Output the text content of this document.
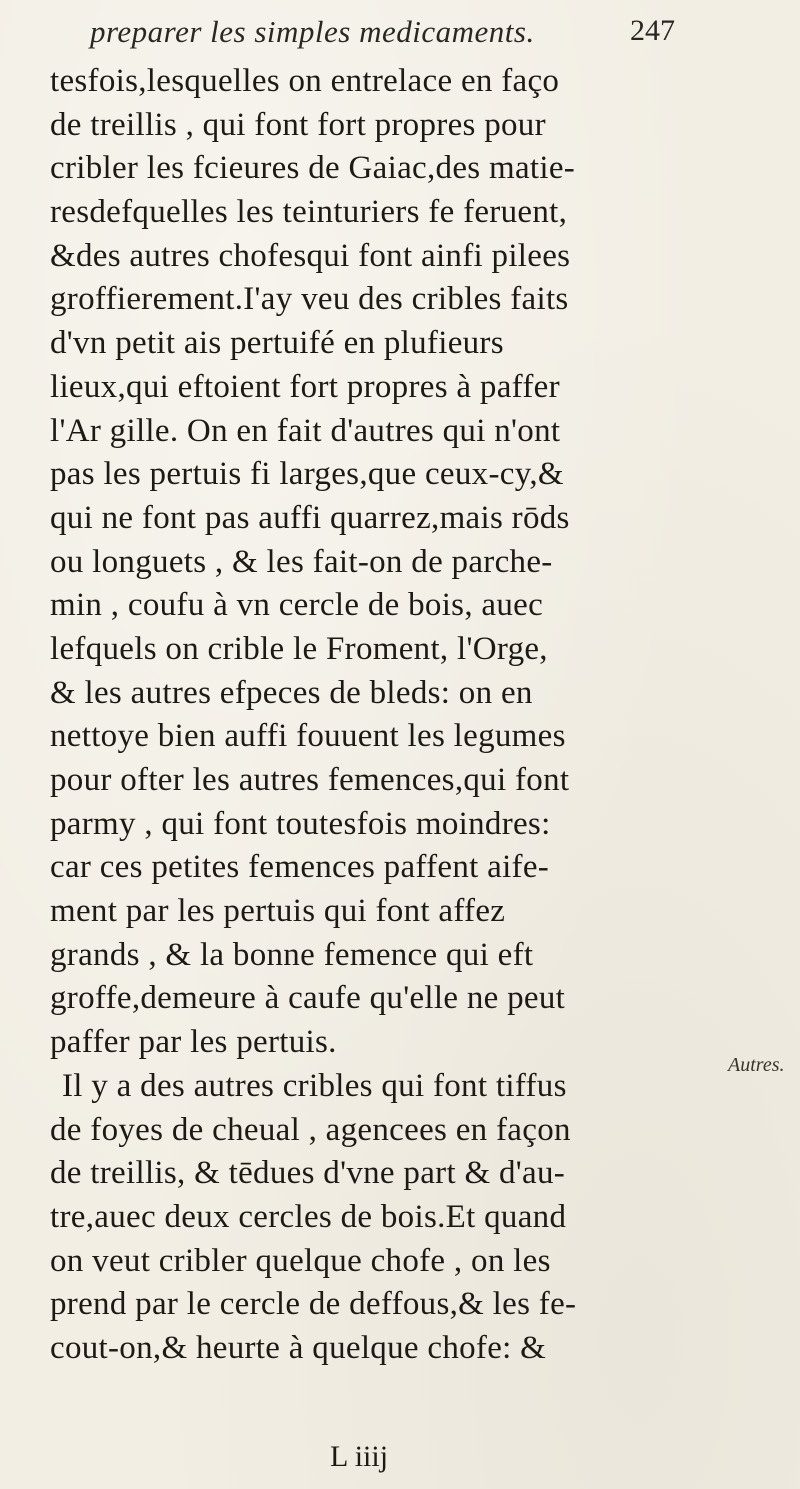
preparer les simples medicaments.	247
tesfois,lesquelles on entrelace en faço
de treillis , qui font fort propres pour
cribler les fcieures de Gaiac,des matie-
resdefquelles les teinturiers fe feruent,
&des autres chofesqui font ainfi pilees
groffierement.I'ay veu des cribles faits
d'vn petit ais pertuifé en plufieurs
lieux,qui eftoient fort propres à paffer
l'Ar gille. On en fait d'autres qui n'ont
pas les pertuis fi larges,que ceux-cy,&
qui ne font pas auffi quarrez,mais rōds
ou longuets , & les fait-on de parche-
min , coufu à vn cercle de bois, auec
lefquels on crible le Froment, l'Orge,
& les autres efpeces de bleds: on en
nettoye bien auffi fouuent les legumes
pour ofter les autres femences,qui font
parmy , qui font toutesfois moindres:
car ces petites femences paffent aife-
ment par les pertuis qui font affez
grands , & la bonne femence qui eft
groffe,demeure à caufe qu'elle ne peut
paffer par les pertuis.
Il y a des autres cribles qui font tiffus
de foyes de cheual , agencees en façon
de treillis, & tēdues d'vne part & d'au-
tre,auec deux cercles de bois.Et quand
on veut cribler quelque chofe , on les
prend par le cercle de deffous,& les fe-
cout-on,& heurte à quelque chofe: &
Autres.
L iiij
